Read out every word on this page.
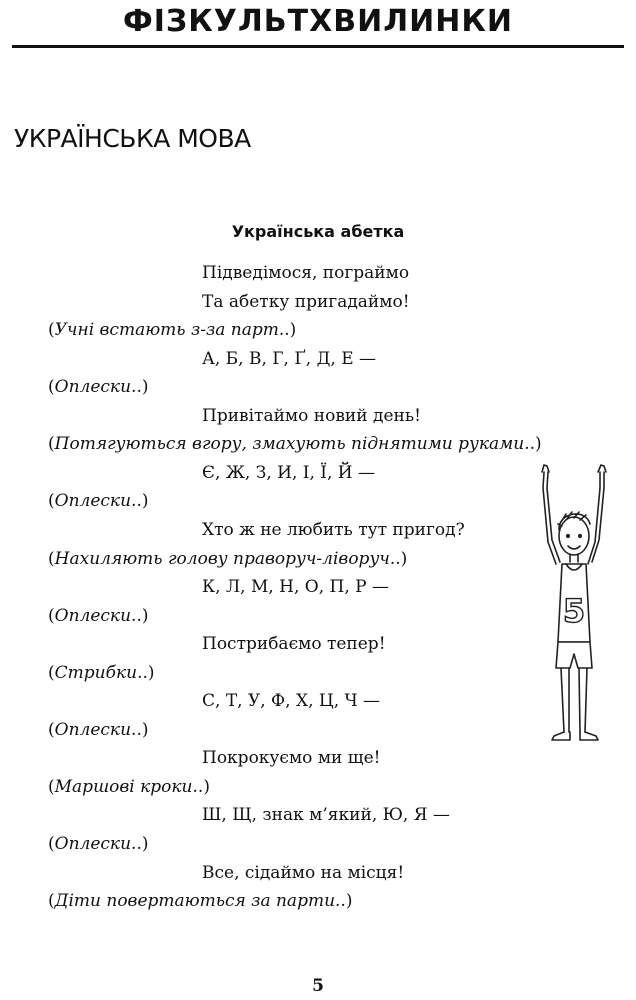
ФІЗКУЛЬТХВИЛИНКИ
УКРАЇНСЬКА МОВА
Українська абетка
Підведімося, пограймо
Та абетку пригадаймо!
(Учні встають з-за парт..)
А, Б, В, Г, Ґ, Д, Е —
(Оплески..)
Привітаймо новий день!
(Потягуються вгору, змахують піднятими руками..)
Є, Ж, З, И, І, Ї, Й —
(Оплески..)
Хто ж не любить тут пригод?
(Нахиляють голову праворуч-ліворуч..)
К, Л, М, Н, О, П, Р —
(Оплески..)
Пострибаємо тепер!
(Стрибки..)
С, Т, У, Ф, Х, Ц, Ч —
(Оплески..)
Покрокуємо ми ще!
(Маршові кроки..)
Ш, Щ, знак м’який, Ю, Я —
(Оплески..)
Все, сідаймо на місця!
(Діти повертаються за парти..)
5
5
